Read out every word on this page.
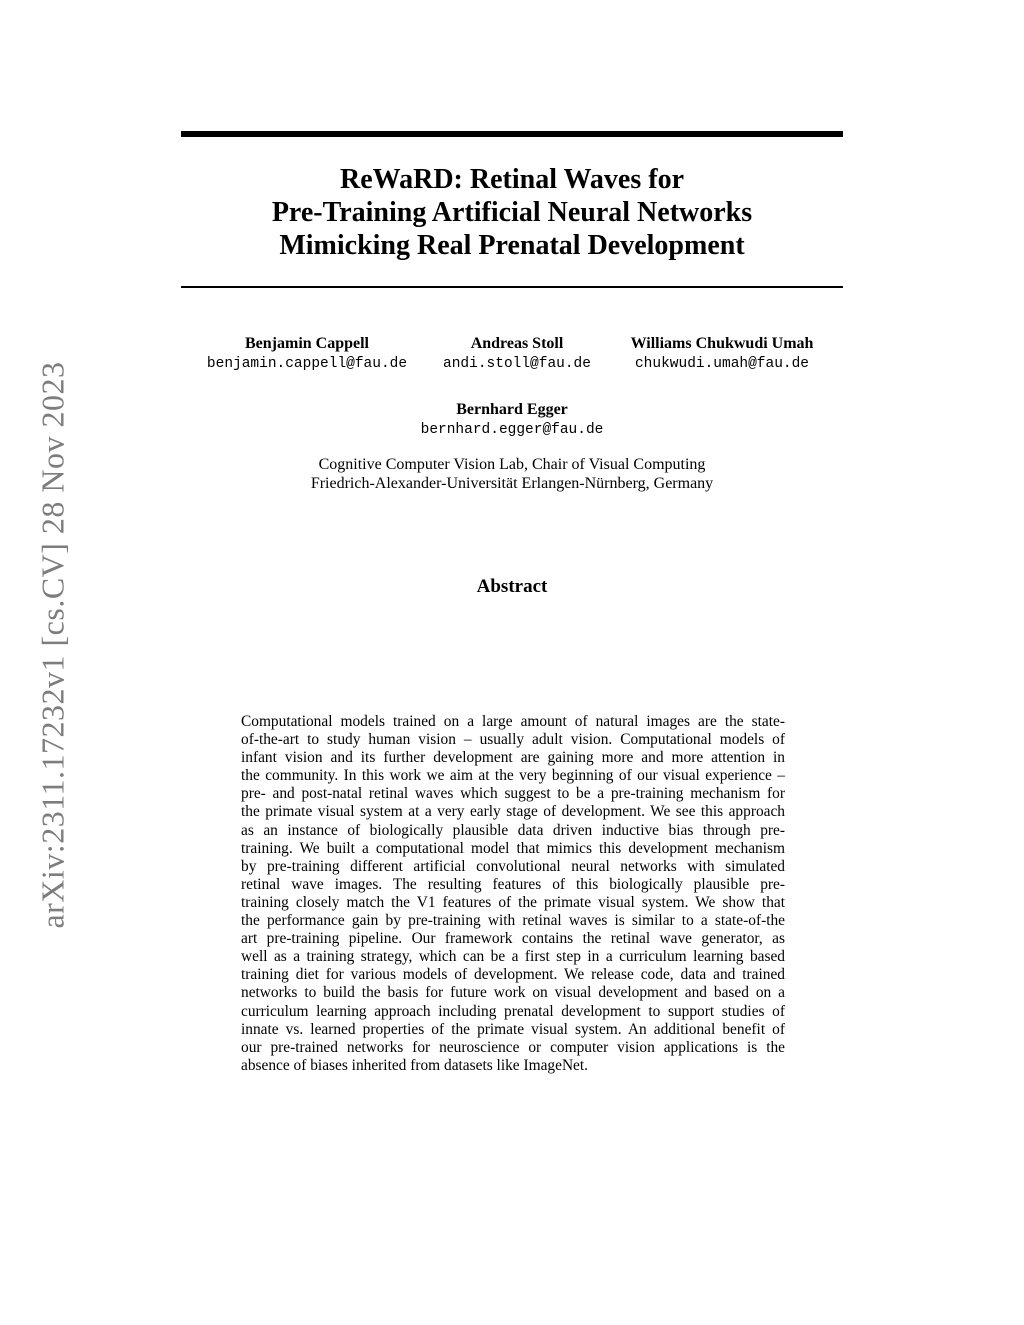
arXiv:2311.17232v1 [cs.CV] 28 Nov 2023
ReWaRD: Retinal Waves for
Pre-Training Artificial Neural Networks
Mimicking Real Prenatal Development
Benjamin Cappell
benjamin.cappell@fau.de
Andreas Stoll
andi.stoll@fau.de
Williams Chukwudi Umah
chukwudi.umah@fau.de
Bernhard Egger
bernhard.egger@fau.de
Cognitive Computer Vision Lab, Chair of Visual Computing
Friedrich-Alexander-Universität Erlangen-Nürnberg, Germany
Abstract
Computational models trained on a large amount of natural images are the state-
of-the-art to study human vision – usually adult vision. Computational models of
infant vision and its further development are gaining more and more attention in
the community. In this work we aim at the very beginning of our visual experience –
pre- and post-natal retinal waves which suggest to be a pre-training mechanism for
the primate visual system at a very early stage of development. We see this approach
as an instance of biologically plausible data driven inductive bias through pre-
training. We built a computational model that mimics this development mechanism
by pre-training different artificial convolutional neural networks with simulated
retinal wave images. The resulting features of this biologically plausible pre-
training closely match the V1 features of the primate visual system. We show that
the performance gain by pre-training with retinal waves is similar to a state-of-the
art pre-training pipeline. Our framework contains the retinal wave generator, as
well as a training strategy, which can be a first step in a curriculum learning based
training diet for various models of development. We release code, data and trained
networks to build the basis for future work on visual development and based on a
curriculum learning approach including prenatal development to support studies of
innate vs. learned properties of the primate visual system. An additional benefit of
our pre-trained networks for neuroscience or computer vision applications is the
absence of biases inherited from datasets like ImageNet.
